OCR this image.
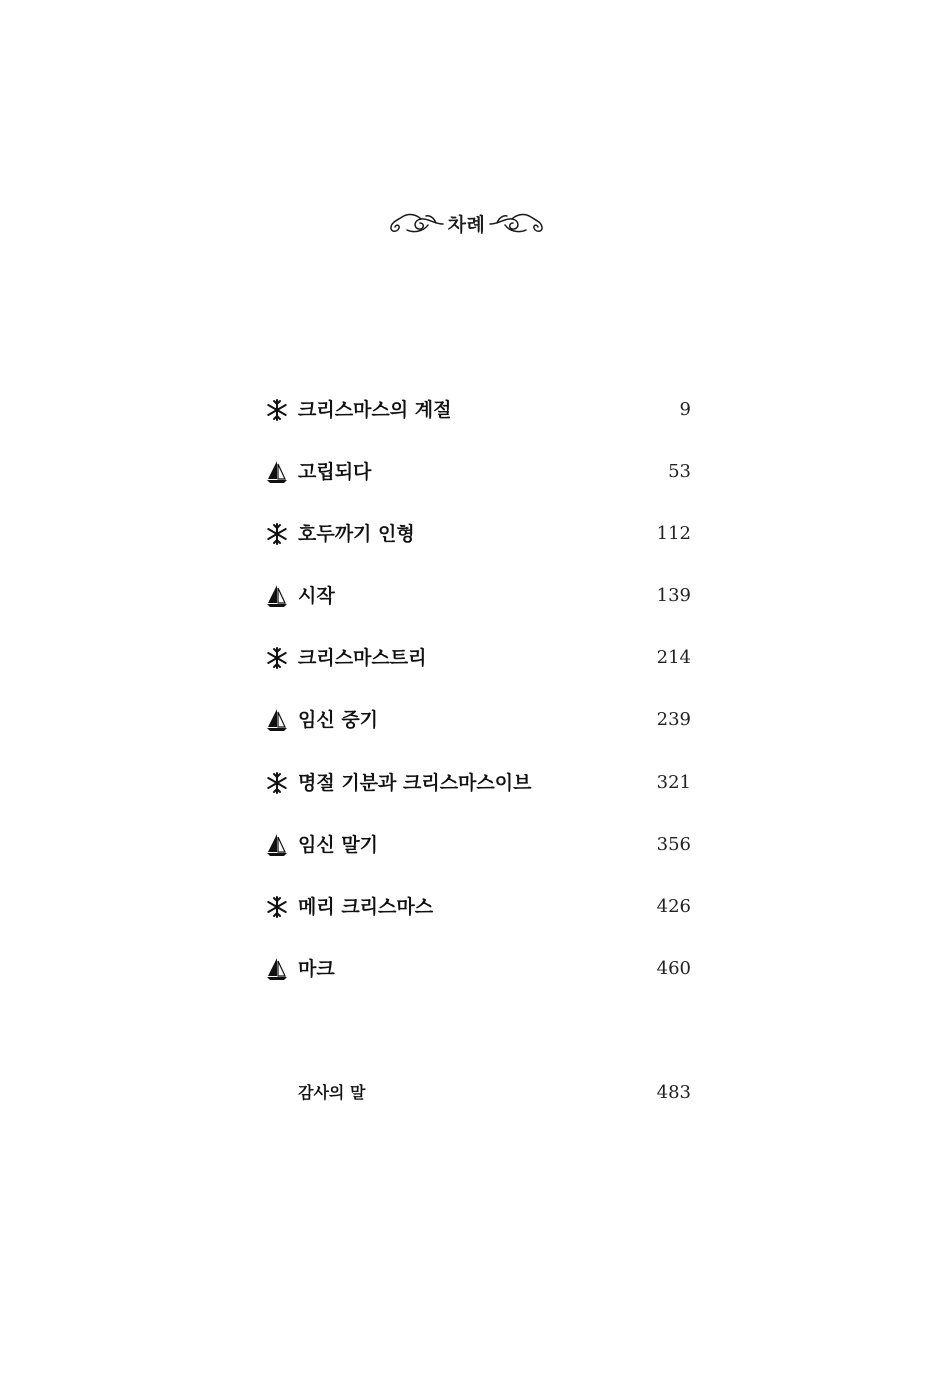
차례
크리스마스의 계절	9
고립되다	53
호두까기 인형	112
시작	139
크리스마스트리	214
임신 중기	239
명절 기분과 크리스마스이브	321
임신 말기	356
메리 크리스마스	426
마크	460
감사의 말	483
